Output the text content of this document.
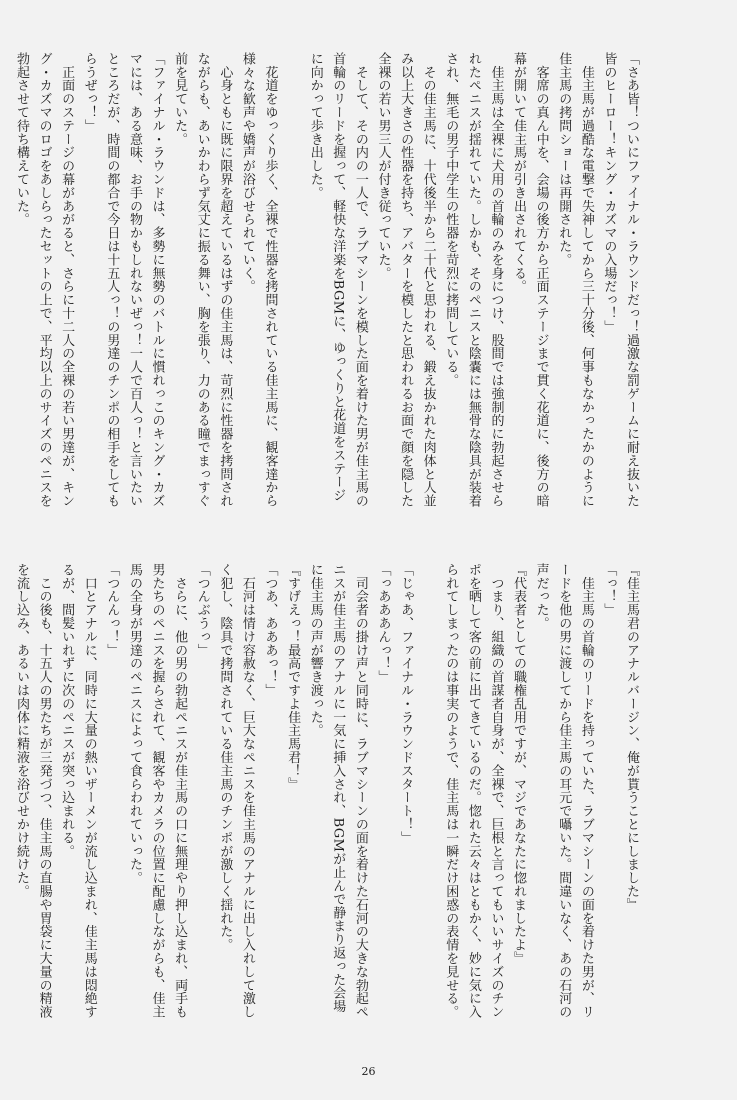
「さあ皆！ついにファイナル・ラウンドだっ！過激な罰ゲームに耐え抜いた

皆のヒーロー！キング・カズマの入場だっ！」

　佳主馬が過酷な電撃で失神してから三十分後、何事もなかったかのように

佳主馬の拷問ショーは再開された。

　客席の真ん中を、会場の後方から正面ステージまで貫く花道に、後方の暗

幕が開いて佳主馬が引き出されてくる。

　佳主馬は全裸に犬用の首輪のみを身につけ、股間では強制的に勃起させら

れたペニスが揺れていた。しかも、そのペニスと陰嚢には無骨な陰具が装着

され、無毛の男子中学生の性器を苛烈に拷問している。

　その佳主馬に、十代後半から二十代と思われる、鍛え抜かれた肉体と人並

み以上大きさの性器を持ち、アバターを模したと思われるお面で顔を隠した

全裸の若い男三人が付き従っていた。

　そして、その内の一人で、ラブマシーンを模した面を着けた男が佳主馬の

首輪のリードを握って、軽快な洋楽をBGMに、ゆっくりと花道をステージ

に向かって歩き出した。

　花道をゆっくり歩く、全裸で性器を拷問されている佳主馬に、観客達から

様々な歓声や嬌声が浴びせられていく。

　心身ともに既に限界を超えているはずの佳主馬は、苛烈に性器を拷問され

ながらも、あいかわらず気丈に振る舞い、胸を張り、力のある瞳でまっすぐ

前を見ていた。

「ファイナル・ラウンドは、多勢に無勢のバトルに慣れっこのキング・カズ

マには、ある意味、お手の物かもしれないぜっ！一人で百人っ！と言いたい

ところだが、時間の都合で今日は十五人っ！の男達のチンポの相手をしても

らうぜっ！」

　正面のステージの幕があがると、さらに十二人の全裸の若い男達が、キン

グ・カズマのロゴをあしらったセットの上で、平均以上のサイズのペニスを

勃起させて待ち構えていた。

『佳主馬君のアナルバージン、俺が貰うことにしました』

「っ！」

　佳主馬の首輪のリードを持っていた、ラブマシーンの面を着けた男が、リ

ードを他の男に渡してから佳主馬の耳元で囁いた。間違いなく、あの石河の

声だった。

『代表者としての職権乱用ですが、マジであなたに惚れましたよ』

　つまり、組織の首謀者自身が、全裸で、巨根と言ってもいいサイズのチン

ポを晒して客の前に出てきているのだ。惚れた云々はともかく、妙に気に入

られてしまったのは事実のようで、佳主馬は一瞬だけ困惑の表情を見せる。

「じゃあ、ファイナル・ラウンドスタート！」

「っあああんっ！」

　司会者の掛け声と同時に、ラブマシーンの面を着けた石河の大きな勃起ペ

ニスが佳主馬のアナルに一気に挿入され、BGMが止んで静まり返った会場

に佳主馬の声が響き渡った。

『すげえっ！最高ですよ佳主馬君！』

「つあ、あああっ！」

　石河は情け容赦なく、巨大なペニスを佳主馬のアナルに出し入れして激し

く犯し、陰具で拷問されている佳主馬のチンポが激しく揺れた。

「つんぶうっ」

　さらに、他の男の勃起ペニスが佳主馬の口に無理やり押し込まれ、両手も

男たちのペニスを握らされて、観客やカメラの位置に配慮しながらも、佳主

馬の全身が男達のペニスによって食らわれていった。

「つんんっ！」

　口とアナルに、同時に大量の熱いザーメンが流し込まれ、佳主馬は悶絶す

るが、間髪いれずに次のペニスが突っ込まれる。

　この後も、十五人の男たちが三発づつ、佳主馬の直腸や胃袋に大量の精液

を流し込み、あるいは肉体に精液を浴びせかけ続けた。

26
